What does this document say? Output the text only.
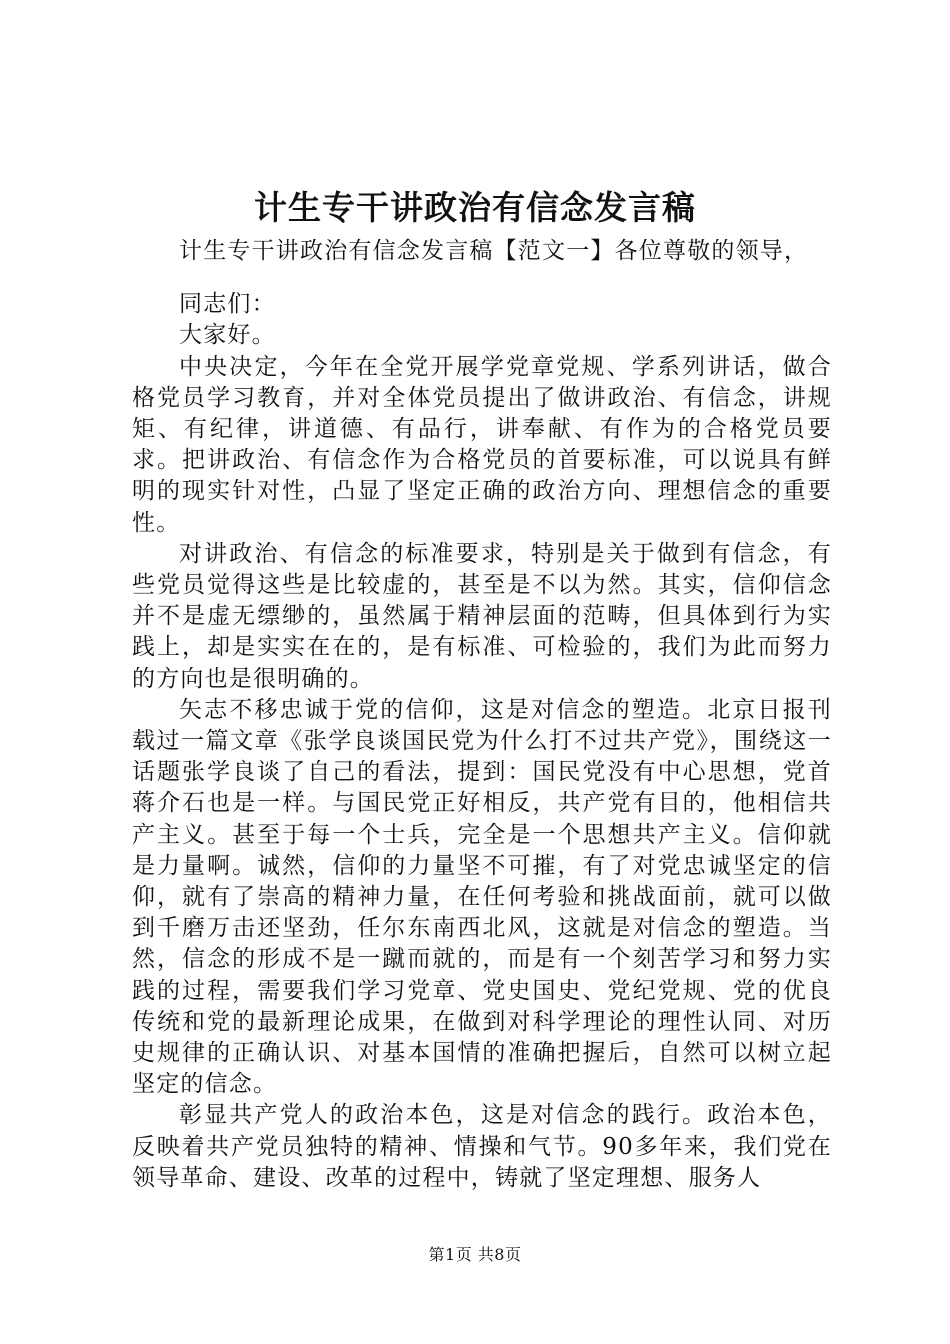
计生专干讲政治有信念发言稿

计生专干讲政治有信念发言稿【范文一】各位尊敬的领导，

同志们：

大家好。

中央决定，今年在全党开展学党章党规、学系列讲话，做合格党员学习教育，并对全体党员提出了做讲政治、有信念，讲规矩、有纪律，讲道德、有品行，讲奉献、有作为的合格党员要求。把讲政治、有信念作为合格党员的首要标准，可以说具有鲜明的现实针对性，凸显了坚定正确的政治方向、理想信念的重要性。

对讲政治、有信念的标准要求，特别是关于做到有信念，有些党员觉得这些是比较虚的，甚至是不以为然。其实，信仰信念并不是虚无缥缈的，虽然属于精神层面的范畴，但具体到行为实践上，却是实实在在的，是有标准、可检验的，我们为此而努力的方向也是很明确的。

矢志不移忠诚于党的信仰，这是对信念的塑造。北京日报刊载过一篇文章《张学良谈国民党为什么打不过共产党》，围绕这一话题张学良谈了自己的看法，提到：国民党没有中心思想，党首蒋介石也是一样。与国民党正好相反，共产党有目的，他相信共产主义。甚至于每一个士兵，完全是一个思想共产主义。信仰就是力量啊。诚然，信仰的力量坚不可摧，有了对党忠诚坚定的信仰，就有了崇高的精神力量，在任何考验和挑战面前，就可以做到千磨万击还坚劲，任尔东南西北风，这就是对信念的塑造。当然，信念的形成不是一蹴而就的，而是有一个刻苦学习和努力实践的过程，需要我们学习党章、党史国史、党纪党规、党的优良传统和党的最新理论成果，在做到对科学理论的理性认同、对历史规律的正确认识、对基本国情的准确把握后，自然可以树立起坚定的信念。

彰显共产党人的政治本色，这是对信念的践行。政治本色，反映着共产党员独特的精神、情操和气节。90多年来，我们党在领导革命、建设、改革的过程中，铸就了坚定理想、服务人

第1页 共8页
